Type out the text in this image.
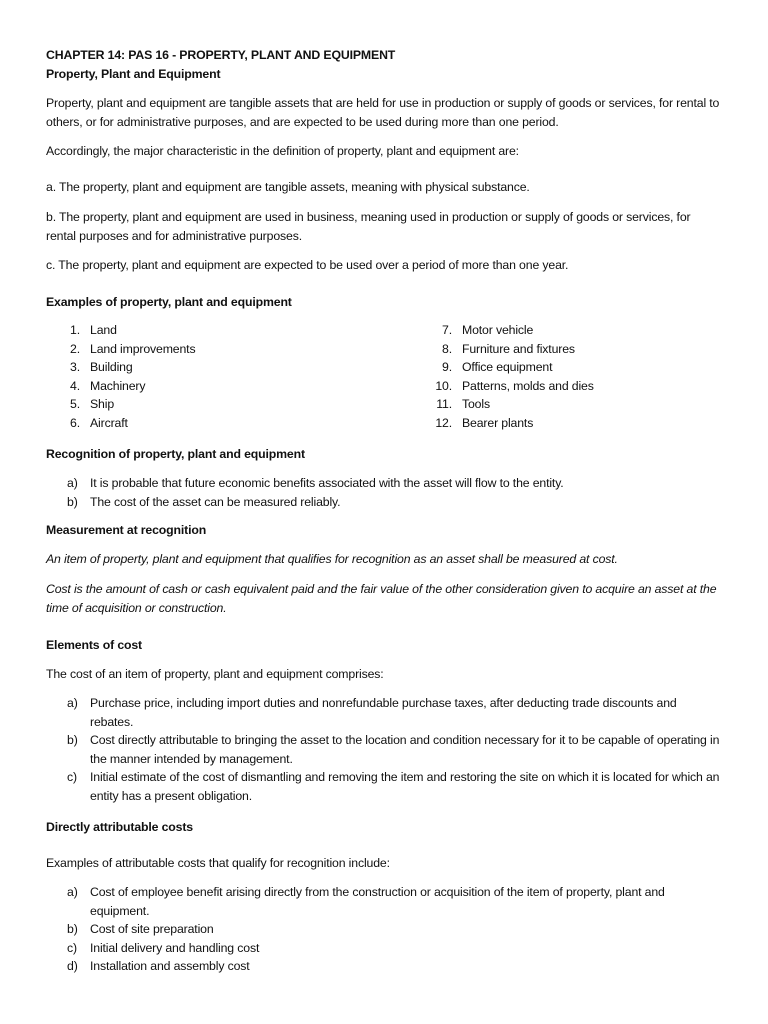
CHAPTER 14: PAS 16 - PROPERTY, PLANT AND EQUIPMENT

Property, Plant and Equipment

Property, plant and equipment are tangible assets that are held for use in production or supply of goods or services, for rental to others, or for administrative purposes, and are expected to be used during more than one period.

Accordingly, the major characteristic in the definition of property, plant and equipment are:

a. The property, plant and equipment are tangible assets, meaning with physical substance.

b. The property, plant and equipment are used in business, meaning used in production or supply of goods or services, for rental purposes and for administrative purposes.

c. The property, plant and equipment are expected to be used over a period of more than one year.

Examples of property, plant and equipment

1. Land
2. Land improvements
3. Building
4. Machinery
5. Ship
6. Aircraft
7. Motor vehicle
8. Furniture and fixtures
9. Office equipment
10. Patterns, molds and dies
11. Tools
12. Bearer plants

Recognition of property, plant and equipment

a) It is probable that future economic benefits associated with the asset will flow to the entity.
b) The cost of the asset can be measured reliably.

Measurement at recognition

An item of property, plant and equipment that qualifies for recognition as an asset shall be measured at cost.

Cost is the amount of cash or cash equivalent paid and the fair value of the other consideration given to acquire an asset at the time of acquisition or construction.

Elements of cost

The cost of an item of property, plant and equipment comprises:

a) Purchase price, including import duties and nonrefundable purchase taxes, after deducting trade discounts and rebates.
b) Cost directly attributable to bringing the asset to the location and condition necessary for it to be capable of operating in the manner intended by management.
c) Initial estimate of the cost of dismantling and removing the item and restoring the site on which it is located for which an entity has a present obligation.

Directly attributable costs

Examples of attributable costs that qualify for recognition include:

a) Cost of employee benefit arising directly from the construction or acquisition of the item of property, plant and equipment.
b) Cost of site preparation
c) Initial delivery and handling cost
d) Installation and assembly cost
